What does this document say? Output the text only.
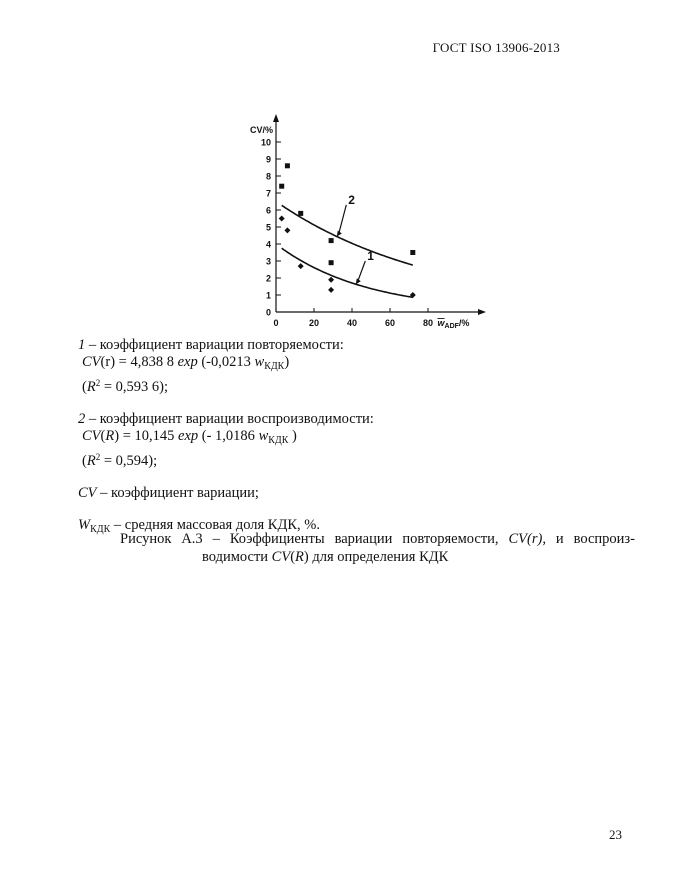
ГОСТ ISO 13906-2013
0
1
2
3
4
5
6
7
8
9
10
0	20	40	60	80
CV/%
$w_{ADF}/\%$
1
2

1 – коэффициент вариации повторяемости:

CV(r) = 4,838 8 exp (-0,0213 $w_{КДК}$)

($R^2 = 0,593$ 6);

2 – коэффициент вариации воспроизводимости:

CV(R) = 10,145 exp (- 1,0186 $w_{КДК}$ )

$(R^2 = 0,594)$;

CV – коэффициент вариации;

$W_{КДК}$ – средняя массовая доля КДК, %.

Рисунок А.3 – Коэффициенты вариации повторяемости, CV(r), и воспроиз-
водимости CV(R) для определения КДК
23
